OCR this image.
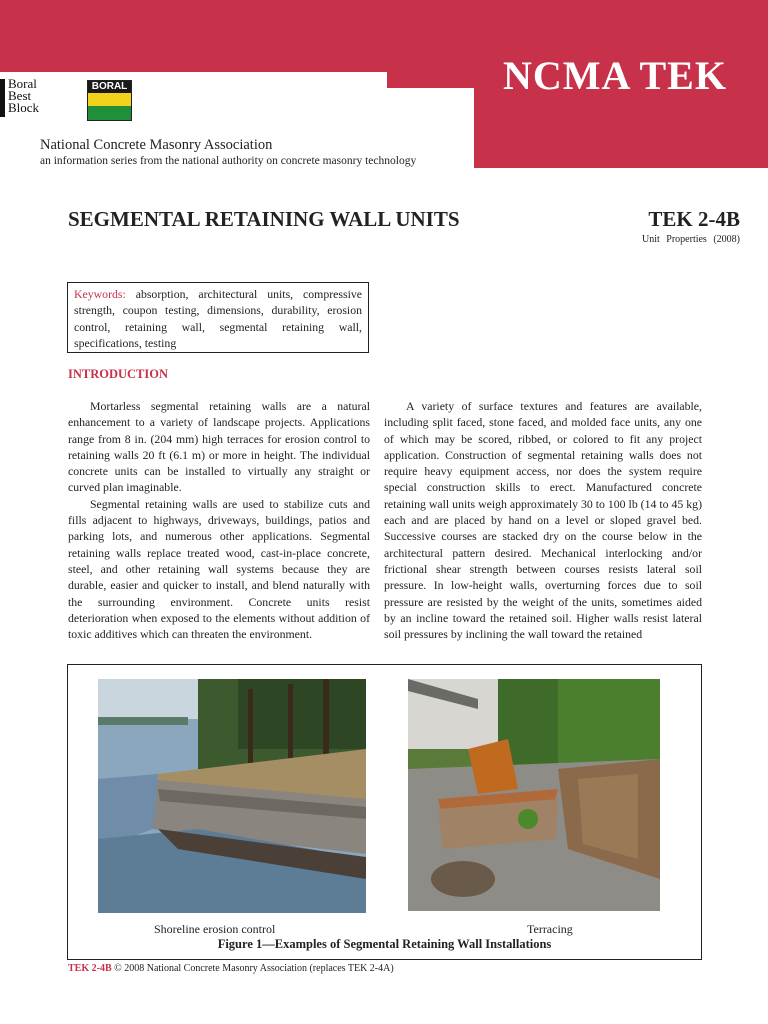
NCMA TEK
Boral
Best
Block
BORAL
National Concrete Masonry Association
an information series from the national authority on concrete masonry technology
SEGMENTAL RETAINING WALL UNITS	TEK 2-4B
Unit Properties (2008)
Keywords: absorption, architectural units, compressive strength, coupon testing, dimensions, durability, erosion control, retaining wall, segmental retaining wall, specifications, testing
INTRODUCTION

Mortarless segmental retaining walls are a natural enhancement to a variety of landscape projects. Applications range from 8 in. (204 mm) high terraces for erosion control to retaining walls 20 ft (6.1 m) or more in height. The individual concrete units can be installed to virtually any straight or curved plan imaginable.

Segmental retaining walls are used to stabilize cuts and fills adjacent to highways, driveways, buildings, patios and parking lots, and numerous other applications. Segmental retaining walls replace treated wood, cast-in-place concrete, steel, and other retaining wall systems because they are durable, easier and quicker to install, and blend naturally with the surrounding environment. Concrete units resist deterioration when exposed to the elements without addition of toxic additives which can threaten the environment.

A variety of surface textures and features are available, including split faced, stone faced, and molded face units, any one of which may be scored, ribbed, or colored to fit any project application. Construction of segmental retaining walls does not require heavy equipment access, nor does the system require special construction skills to erect. Manufactured concrete retaining wall units weigh approximately 30 to 100 lb (14 to 45 kg) each and are placed by hand on a level or sloped gravel bed. Successive courses are stacked dry on the course below in the architectural pattern desired. Mechanical interlocking and/or frictional shear strength between courses resists lateral soil pressure. In low-height walls, overturning forces due to soil pressure are resisted by the weight of the units, sometimes aided by an incline toward the retained soil. Higher walls resist lateral soil pressures by inclining the wall toward the retained

Shoreline erosion control	Terracing
Figure 1—Examples of Segmental Retaining Wall Installations
TEK 2-4B © 2008 National Concrete Masonry Association (replaces TEK 2-4A)
